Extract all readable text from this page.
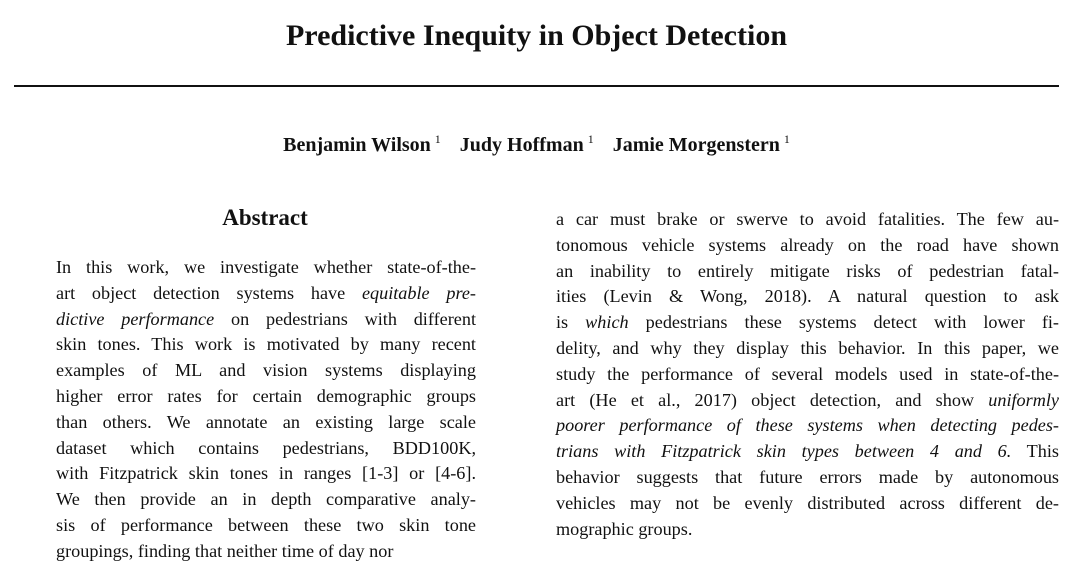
Predictive Inequity in Object Detection
Benjamin Wilson $^1$ Judy Hoffman $^1$ Jamie Morgenstern $^1$
Abstract
In this work, we investigate whether state-of-the-
art object detection systems have equitable pre-
dictive performance on pedestrians with different
skin tones. This work is motivated by many recent
examples of ML and vision systems displaying
higher error rates for certain demographic groups
than others. We annotate an existing large scale
dataset which contains pedestrians, BDD100K,
with Fitzpatrick skin tones in ranges [1-3] or [4-6].
We then provide an in depth comparative analy-
sis of performance between these two skin tone
groupings, finding that neither time of day nor
a car must brake or swerve to avoid fatalities. The few au-
tonomous vehicle systems already on the road have shown
an inability to entirely mitigate risks of pedestrian fatal-
ities (Levin & Wong, 2018). A natural question to ask
is which pedestrians these systems detect with lower fi-
delity, and why they display this behavior. In this paper, we
study the performance of several models used in state-of-the-
art (He et al., 2017) object detection, and show uniformly
poorer performance of these systems when detecting pedes-
trians with Fitzpatrick skin types between 4 and 6. This
behavior suggests that future errors made by autonomous
vehicles may not be evenly distributed across different de-
mographic groups.
